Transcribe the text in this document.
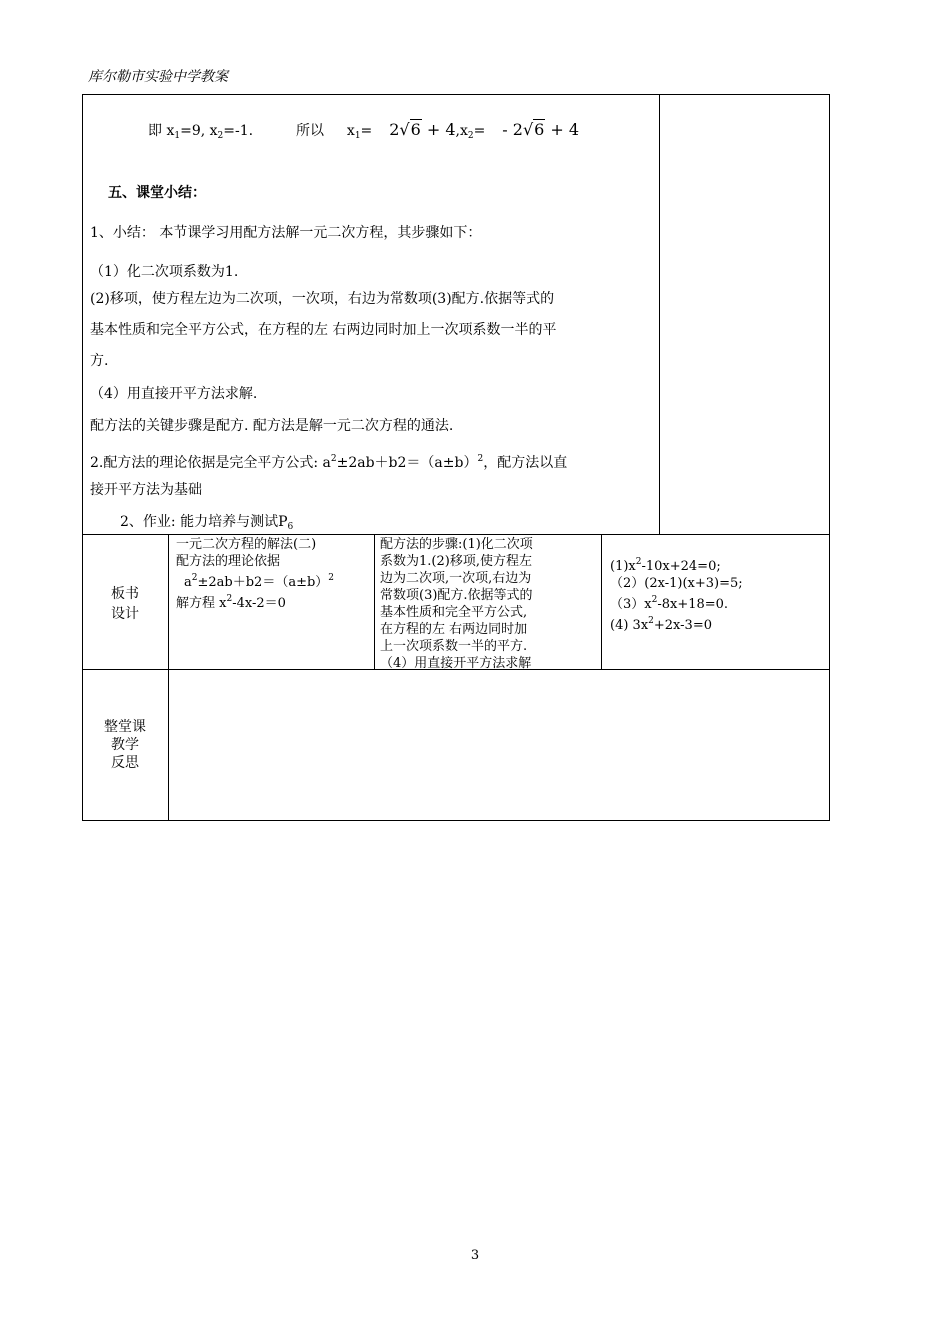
库尔勒市实验中学教案
即 $x_1=9$, $x_2=-1$.	所以 $x_1= 2√6 + 4,x_2= - 2√6 + 4$
五、课堂小结：
1、小结： 本节课学习用配方法解一元二次方程，其步骤如下：
（1）化二次项系数为1.
(2)移项，使方程左边为二次项，一次项，右边为常数项(3)配方.依据等式的
基本性质和完全平方公式，在方程的左 右两边同时加上一次项系数一半的平
方.
（4）用直接开平方法求解.
配方法的关键步骤是配方. 配方法是解一元二次方程的通法.
2.配方法的理论依据是完全平方公式: $a^2\pm 2ab+b2=(a\pm b)^2$，配方法以直
接开平方法为基础
2、作业: 能力培养与测试$P_6$
板书
设计
一元二次方程的解法(二)
配方法的理论依据
$a^2\pm 2ab+b2=(a\pm b)^2$
解方程 $x^2-4x-2=0$
配方法的步骤:(1)化二次项
系数为1.(2)移项,使方程左
边为二次项,一次项,右边为
常数项(3)配方.依据等式的
基本性质和完全平方公式,
在方程的左 右两边同时加
上一次项系数一半的平方.
（4）用直接开平方法求解
$(1)x^2-10x+24=0$;
（2）(2x-1)(x+3)=5;
$(3)x^2-8x+18=0$.
(4) $3x^2+2x-3=0$
整堂课
教学
反思
3
